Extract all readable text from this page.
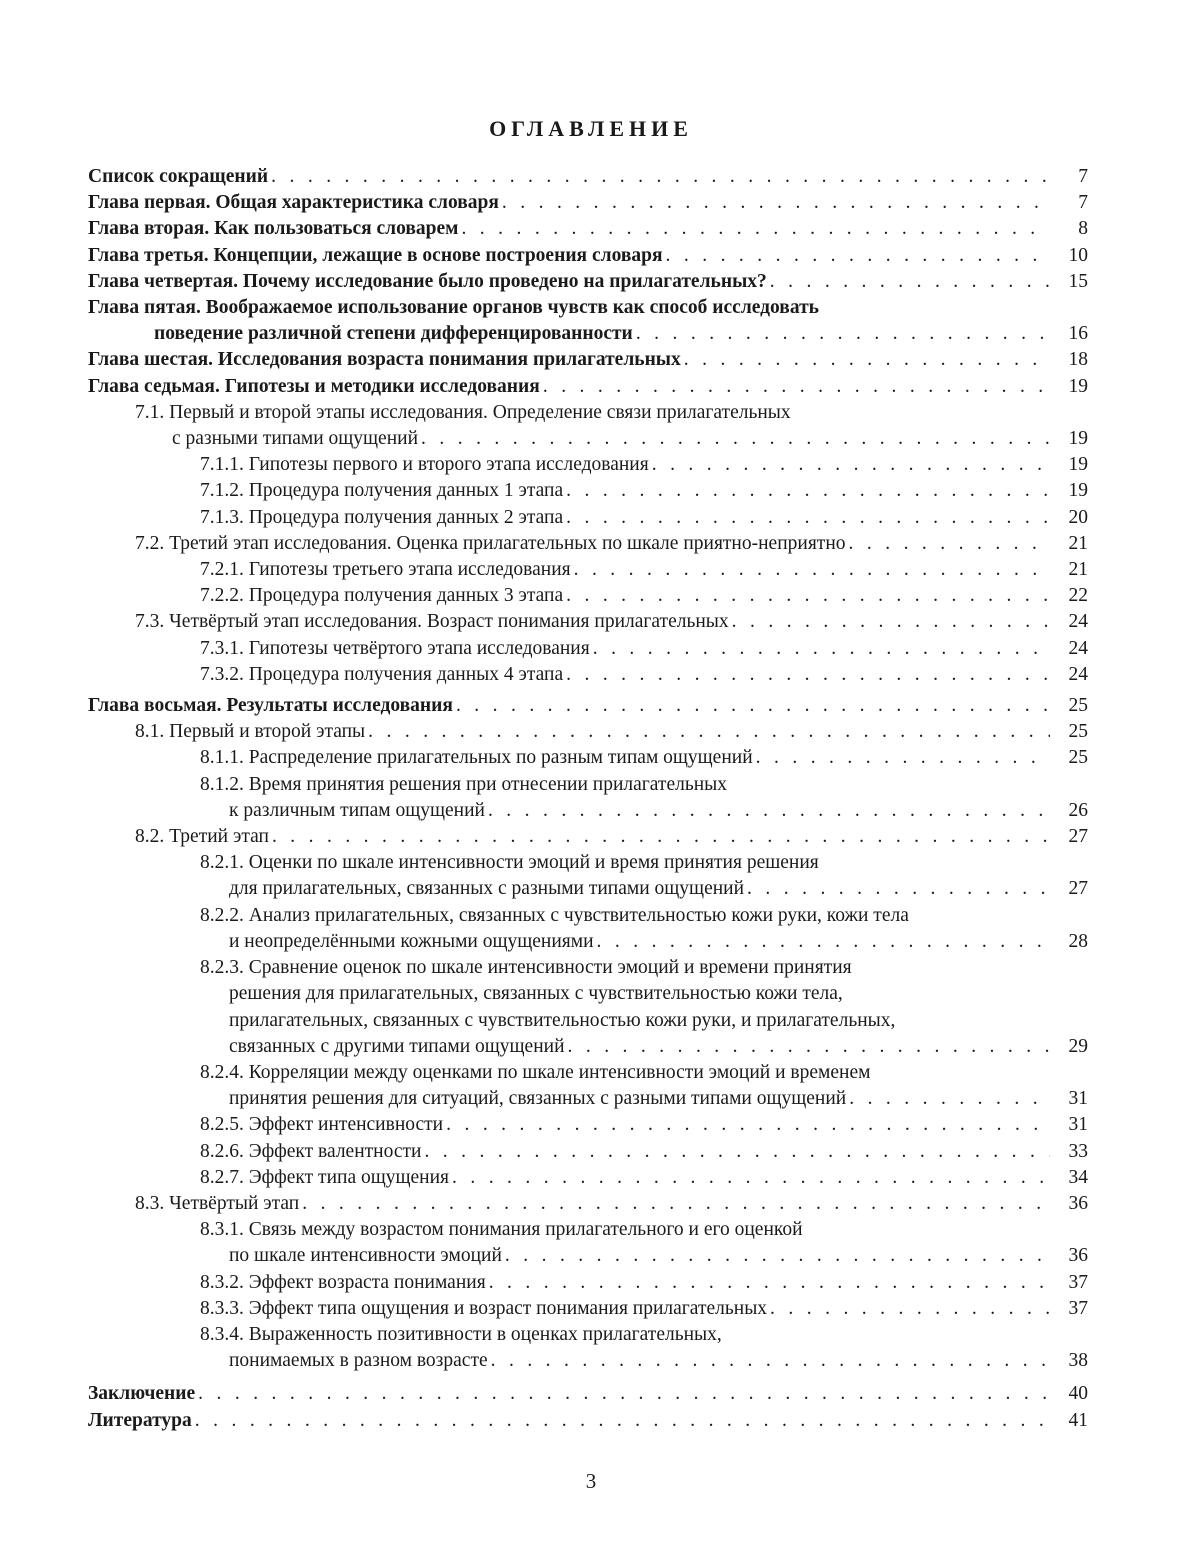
ОГЛАВЛЕНИЕ
Список сокращений . . .	7
Глава первая. Общая характеристика словаря . . .	7
Глава вторая. Как пользоваться словарем . . .	8
Глава третья. Концепции, лежащие в основе построения словаря . . .	10
Глава четвертая. Почему исследование было проведено на прилагательных? . . .	15
Глава пятая. Воображаемое использование органов чувств как способ исследовать
поведение различной степени дифференцированности . . .	16
Глава шестая. Исследования возраста понимания прилагательных . . .	18
Глава седьмая. Гипотезы и методики исследования . . .	19
7.1. Первый и второй этапы исследования. Определение связи прилагательных
с разными типами ощущений . . .	19
7.1.1. Гипотезы первого и второго этапа исследования . . .	19
7.1.2. Процедура получения данных 1 этапа . . .	19
7.1.3. Процедура получения данных 2 этапа . . .	20
7.2. Третий этап исследования. Оценка прилагательных по шкале приятно-неприятно . . .	21
7.2.1. Гипотезы третьего этапа исследования . . .	21
7.2.2. Процедура получения данных 3 этапа . . .	22
7.3. Четвёртый этап исследования. Возраст понимания прилагательных . . .	24
7.3.1. Гипотезы четвёртого этапа исследования . . .	24
7.3.2. Процедура получения данных 4 этапа . . .	24
Глава восьмая. Результаты исследования . . .	25
8.1. Первый и второй этапы . . .	25
8.1.1. Распределение прилагательных по разным типам ощущений . . .	25
8.1.2. Время принятия решения при отнесении прилагательных
к различным типам ощущений . . .	26
8.2. Третий этап . . .	27
8.2.1. Оценки по шкале интенсивности эмоций и время принятия решения
для прилагательных, связанных с разными типами ощущений . . .	27
8.2.2. Анализ прилагательных, связанных с чувствительностью кожи руки, кожи тела
и неопределёнными кожными ощущениями . . .	28
8.2.3. Сравнение оценок по шкале интенсивности эмоций и времени принятия
решения для прилагательных, связанных с чувствительностью кожи тела,
прилагательных, связанных с чувствительностью кожи руки, и прилагательных,
связанных с другими типами ощущений . . .	29
8.2.4. Корреляции между оценками по шкале интенсивности эмоций и временем
принятия решения для ситуаций, связанных с разными типами ощущений . . .	31
8.2.5. Эффект интенсивности . . .	31
8.2.6. Эффект валентности . . .	33
8.2.7. Эффект типа ощущения . . .	34
8.3. Четвёртый этап . . .	36
8.3.1. Связь между возрастом понимания прилагательного и его оценкой
по шкале интенсивности эмоций . . .	36
8.3.2. Эффект возраста понимания . . .	37
8.3.3. Эффект типа ощущения и возраст понимания прилагательных . . .	37
8.3.4. Выраженность позитивности в оценках прилагательных,
понимаемых в разном возрасте . . .	38
Заключение . . .	40
Литература . . .	41
3
